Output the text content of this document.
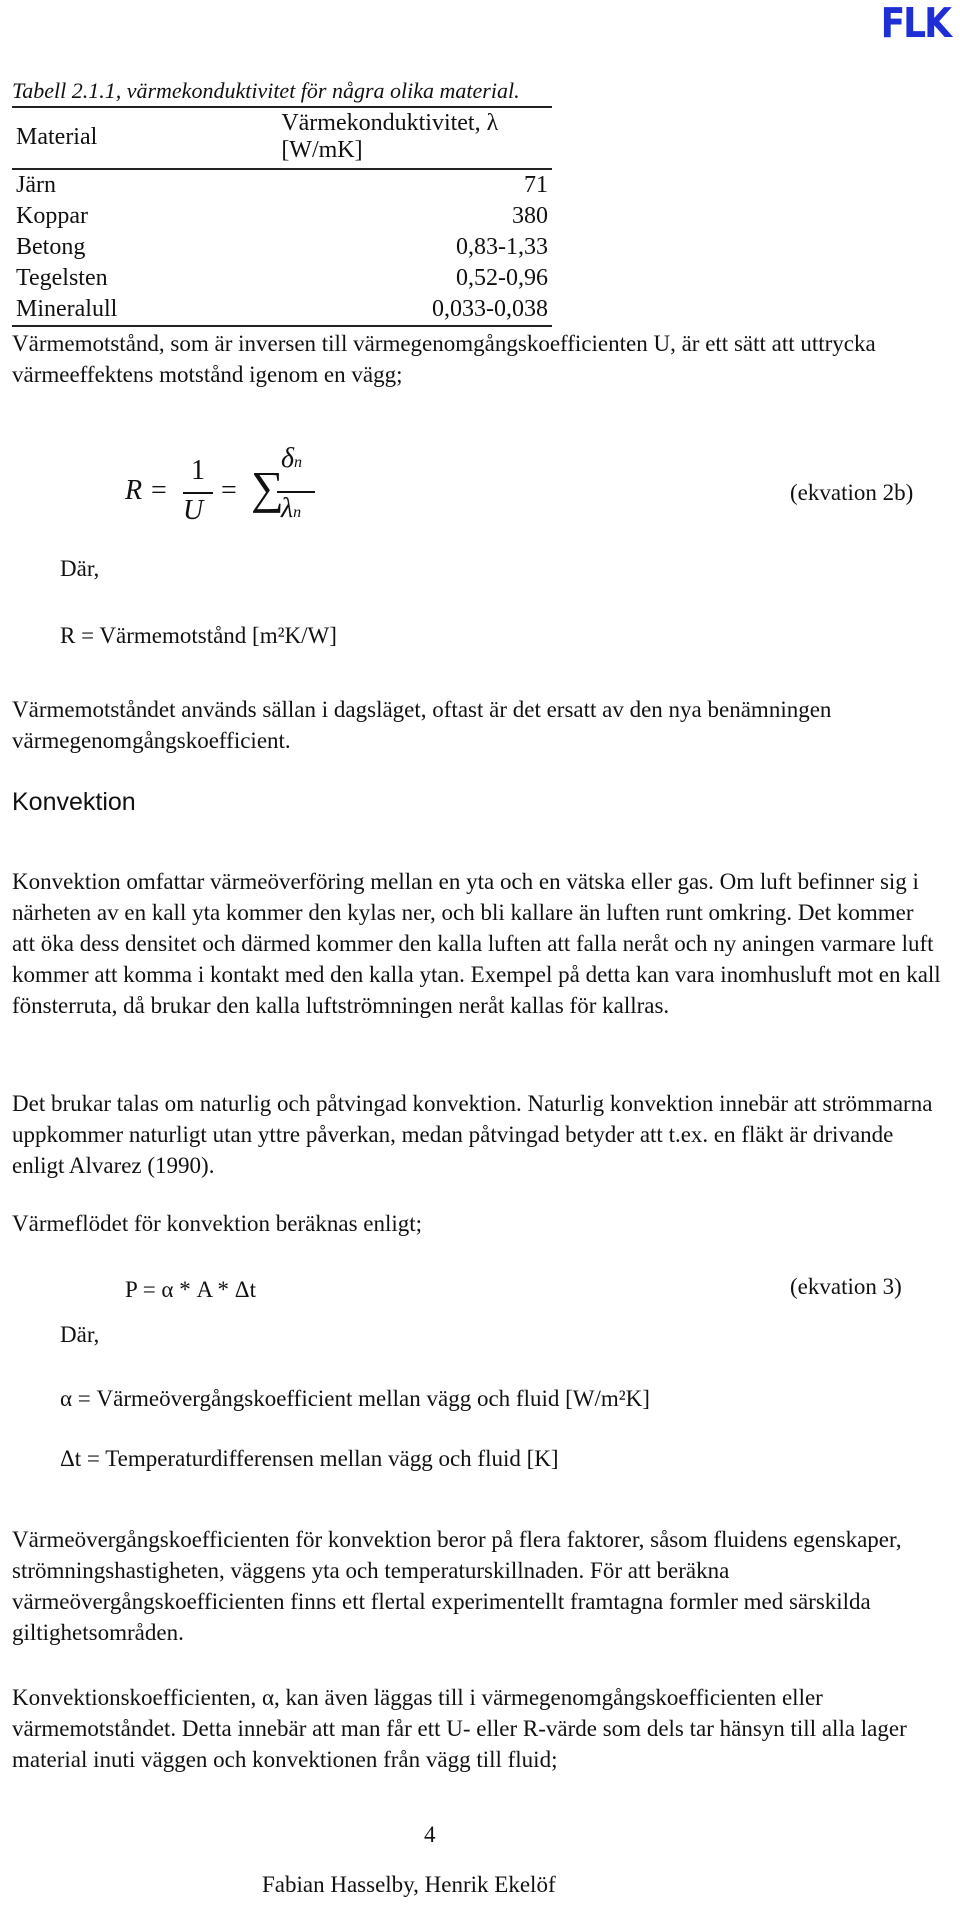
FLK

Tabell 2.1.1, värmekonduktivitet för några olika material.

Material	Värmekonduktivitet, λ [W/mK]
Järn	71
Koppar	380
Betong	0,83-1,33
Tegelsten	0,52-0,96
Mineralull	0,033-0,038

Värmemotstånd, som är inversen till värmegenomgångskoefficienten U, är ett sätt att uttrycka värmeeffektens motstånd igenom en vägg;

R =
1
U
= ∑
δn
λn
(ekvation 2b)
Där,
R = Värmemotstånd [m²K/W]

Värmemotståndet används sällan i dagsläget, oftast är det ersatt av den nya benämningen värmegenomgångskoefficient.

Konvektion

Konvektion omfattar värmeöverföring mellan en yta och en vätska eller gas. Om luft befinner sig i närheten av en kall yta kommer den kylas ner, och bli kallare än luften runt omkring. Det kommer att öka dess densitet och därmed kommer den kalla luften att falla neråt och ny aningen varmare luft kommer att komma i kontakt med den kalla ytan. Exempel på detta kan vara inomhusluft mot en kall fönsterruta, då brukar den kalla luftströmningen neråt kallas för kallras.

Det brukar talas om naturlig och påtvingad konvektion. Naturlig konvektion innebär att strömmarna uppkommer naturligt utan yttre påverkan, medan påtvingad betyder att t.ex. en fläkt är drivande enligt Alvarez (1990).

Värmeflödet för konvektion beräknas enligt;

P = α * A * Δt	(ekvation 3)
Där,
α = Värmeövergångskoefficient mellan vägg och fluid [W/m²K]
Δt = Temperaturdifferensen mellan vägg och fluid [K]

Värmeövergångskoefficienten för konvektion beror på flera faktorer, såsom fluidens egenskaper, strömningshastigheten, väggens yta och temperaturskillnaden. För att beräkna värmeövergångskoefficienten finns ett flertal experimentellt framtagna formler med särskilda giltighetsområden.

Konvektionskoefficienten, α, kan även läggas till i värmegenomgångskoefficienten eller värmemotståndet. Detta innebär att man får ett U- eller R-värde som dels tar hänsyn till alla lager material inuti väggen och konvektionen från vägg till fluid;

4
Fabian Hasselby, Henrik Ekelöf
